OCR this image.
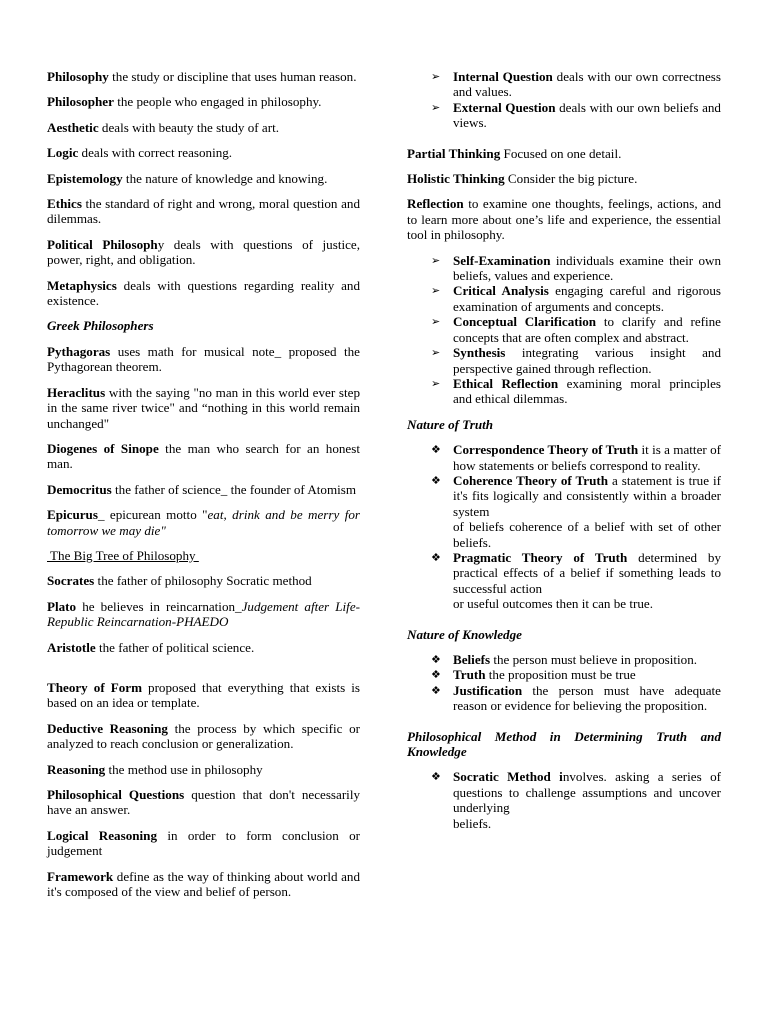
Philosophy the study or discipline that uses human reason.

Philosopher the people who engaged in philosophy.

Aesthetic deals with beauty the study of art.

Logic deals with correct reasoning.

Epistemology the nature of knowledge and knowing.

Ethics the standard of right and wrong, moral question and dilemmas.

Political Philosophy deals with questions of justice, power, right, and obligation.

Metaphysics deals with questions regarding reality and existence.

Greek Philosophers

Pythagoras uses math for musical note_ proposed the Pythagorean theorem.

Heraclitus with the saying "no man in this world ever step in the same river twice" and “nothing in this world remain unchanged"

Diogenes of Sinope the man who search for an honest man.

Democritus the father of science_ the founder of Atomism

Epicurus_ epicurean motto "eat, drink and be merry for tomorrow we may die"

The Big Tree of Philosophy

Socrates the father of philosophy Socratic method

Plato he believes in reincarnation_Judgement after Life-Republic Reincarnation-PHAEDO

Aristotle the father of political science.

Theory of Form proposed that everything that exists is based on an idea or template.

Deductive Reasoning the process by which specific or analyzed to reach conclusion or generalization.

Reasoning the method use in philosophy

Philosophical Questions question that don't necessarily have an answer.

Logical Reasoning in order to form conclusion or judgement

Framework define as the way of thinking about world and it's composed of the view and belief of person.

➢ Internal Question deals with our own correctness and values.
➢ External Question deals with our own beliefs and views.

Partial Thinking Focused on one detail.

Holistic Thinking Consider the big picture.

Reflection to examine one thoughts, feelings, actions, and to learn more about one’s life and experience, the essential tool in philosophy.

➢ Self-Examination individuals examine their own beliefs, values and experience.
➢ Critical Analysis engaging careful and rigorous examination of arguments and concepts.
➢ Conceptual Clarification to clarify and refine concepts that are often complex and abstract.
➢ Synthesis integrating various insight and perspective gained through reflection.
➢ Ethical Reflection examining moral principles and ethical dilemmas.

Nature of Truth

❖ Correspondence Theory of Truth it is a matter of how statements or beliefs correspond to reality.
❖ Coherence Theory of Truth a statement is true if it's fits logically and consistently within a broader system
of beliefs coherence of a belief with set of other beliefs.
❖ Pragmatic Theory of Truth determined by practical effects of a belief if something leads to successful action
or useful outcomes then it can be true.

Nature of Knowledge

❖ Beliefs the person must believe in proposition.
❖ Truth the proposition must be true
❖ Justification the person must have adequate reason or evidence for believing the proposition.

Philosophical Method in Determining Truth and Knowledge

❖ Socratic Method involves. asking a series of questions to challenge assumptions and uncover underlying
beliefs.
